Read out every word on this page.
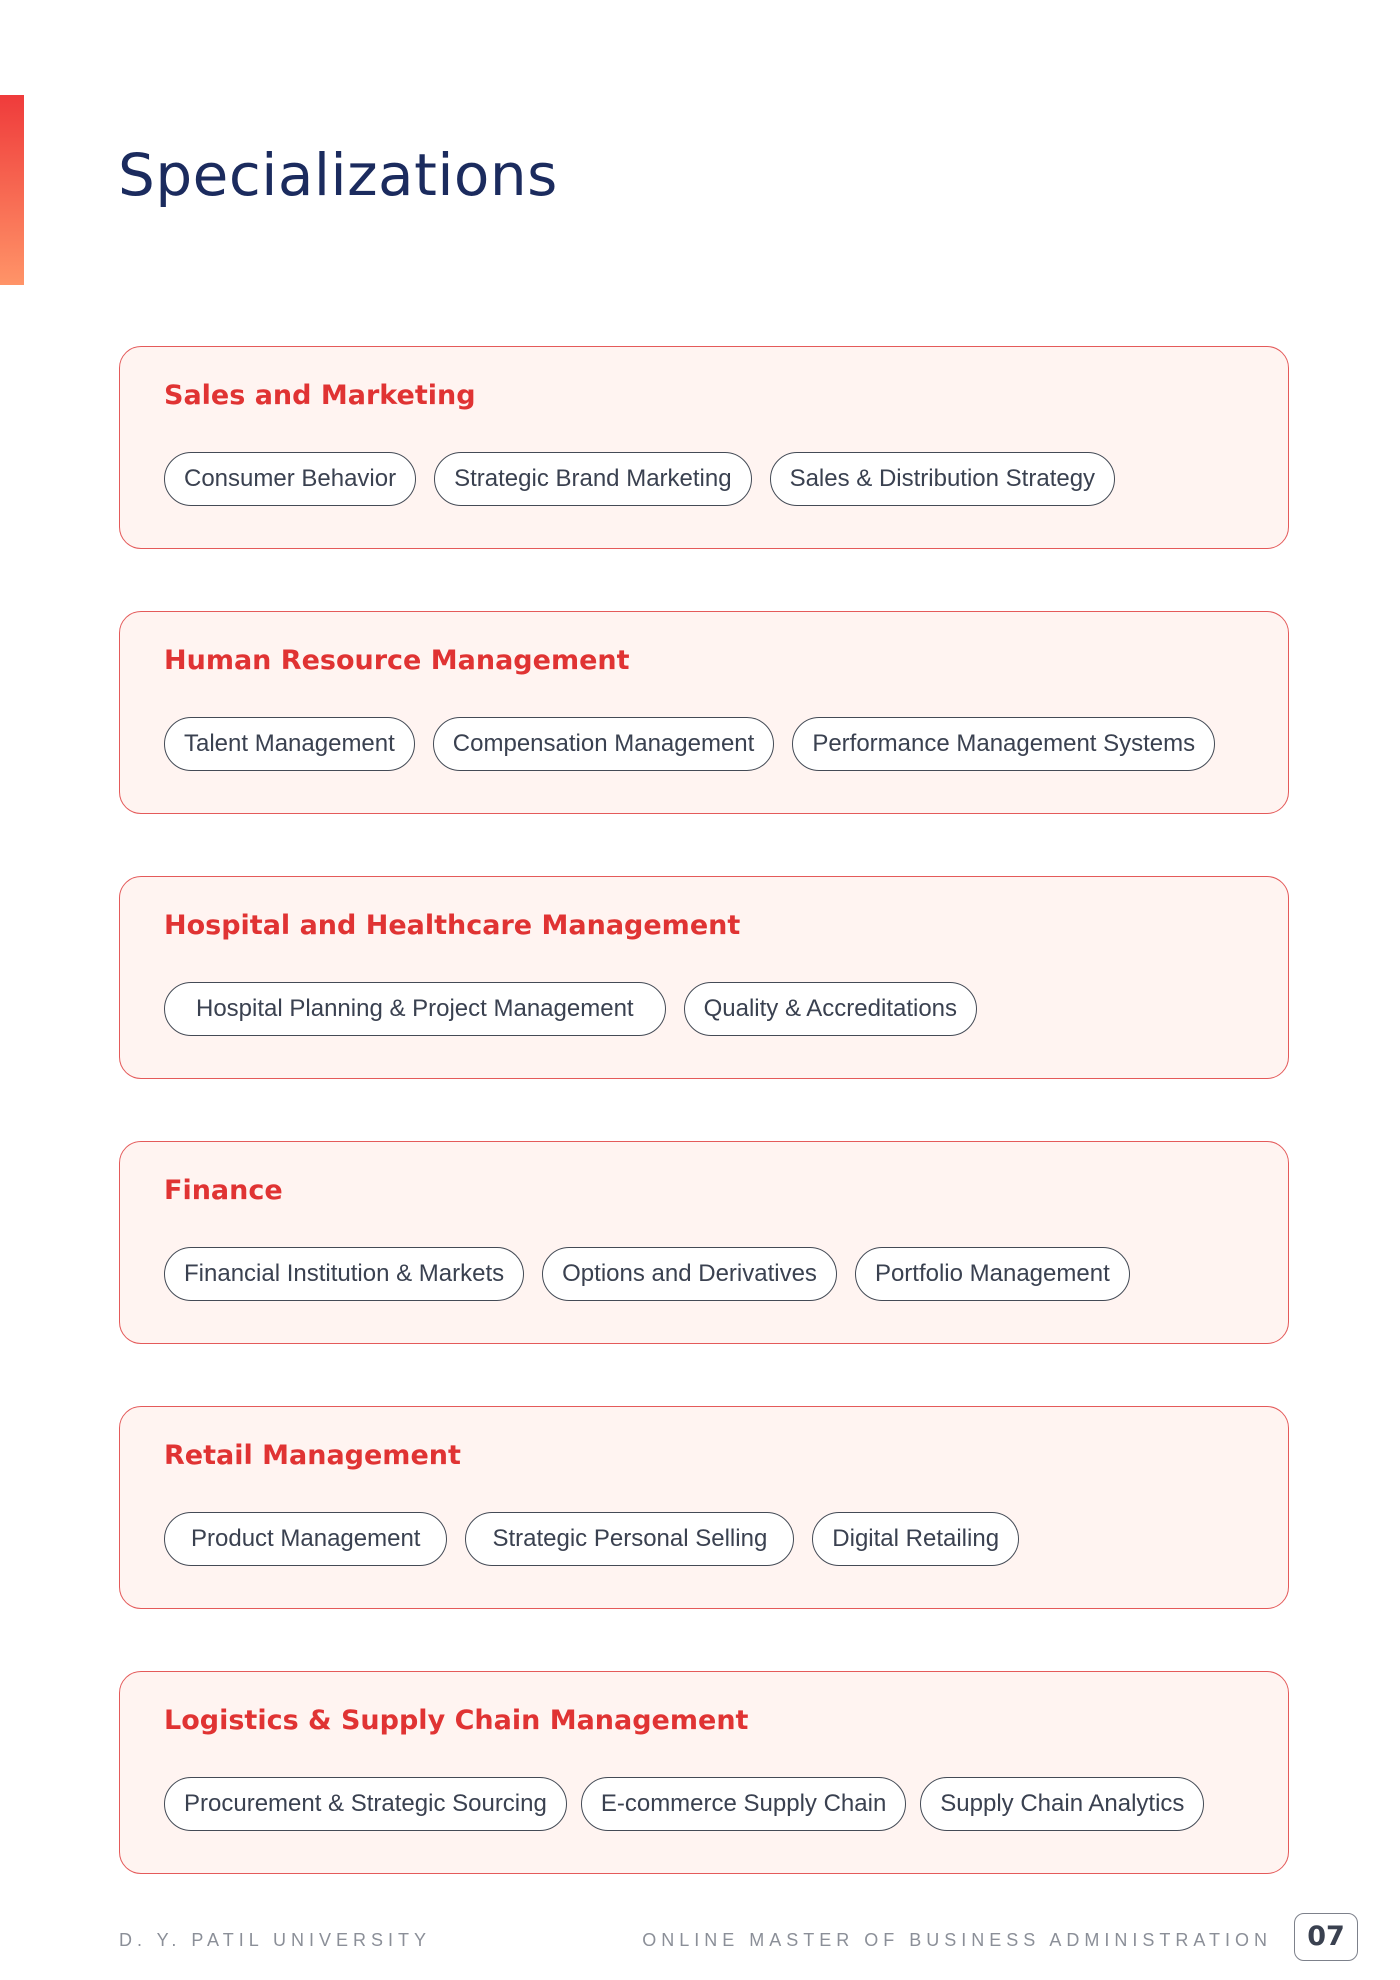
Specializations
Sales and Marketing
Consumer Behavior	Strategic Brand Marketing	Sales & Distribution Strategy
Human Resource Management
Talent Management	Compensation Management	Performance Management Systems
Hospital and Healthcare Management
Hospital Planning & Project Management	Quality & Accreditations
Finance
Financial Institution & Markets	Options and Derivatives	Portfolio Management
Retail Management
Product Management	Strategic Personal Selling	Digital Retailing
Logistics & Supply Chain Management
Procurement & Strategic Sourcing	E-commerce Supply Chain	Supply Chain Analytics
D. Y. PATIL UNIVERSITY	ONLINE MASTER OF BUSINESS ADMINISTRATION	07
